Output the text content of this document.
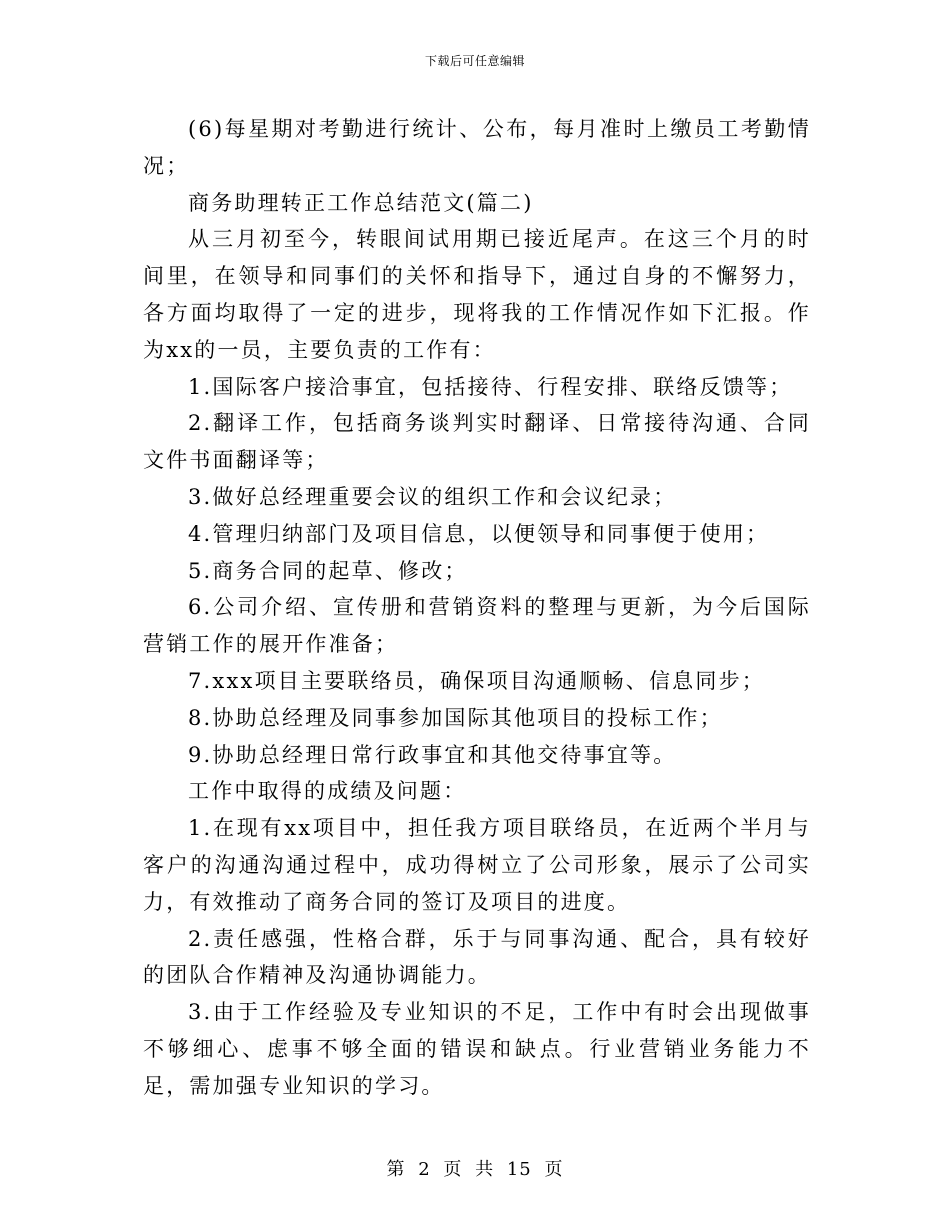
下载后可任意编辑

(6)每星期对考勤进行统计、公布，每月准时上缴员工考勤情况；

商务助理转正工作总结范文(篇二)

从三月初至今，转眼间试用期已接近尾声。在这三个月的时间里，在领导和同事们的关怀和指导下，通过自身的不懈努力，各方面均取得了一定的进步，现将我的工作情况作如下汇报。作为xx的一员，主要负责的工作有：

1.国际客户接洽事宜，包括接待、行程安排、联络反馈等；

2.翻译工作，包括商务谈判实时翻译、日常接待沟通、合同文件书面翻译等；

3.做好总经理重要会议的组织工作和会议纪录；

4.管理归纳部门及项目信息，以便领导和同事便于使用；

5.商务合同的起草、修改；

6.公司介绍、宣传册和营销资料的整理与更新，为今后国际营销工作的展开作准备；

7.xxx项目主要联络员，确保项目沟通顺畅、信息同步；

8.协助总经理及同事参加国际其他项目的投标工作；

9.协助总经理日常行政事宜和其他交待事宜等。

工作中取得的成绩及问题：

1.在现有xx项目中，担任我方项目联络员，在近两个半月与客户的沟通沟通过程中，成功得树立了公司形象，展示了公司实力，有效推动了商务合同的签订及项目的进度。

2.责任感强，性格合群，乐于与同事沟通、配合，具有较好的团队合作精神及沟通协调能力。

3.由于工作经验及专业知识的不足，工作中有时会出现做事不够细心、虑事不够全面的错误和缺点。行业营销业务能力不足，需加强专业知识的学习。

第 2 页 共 15 页
